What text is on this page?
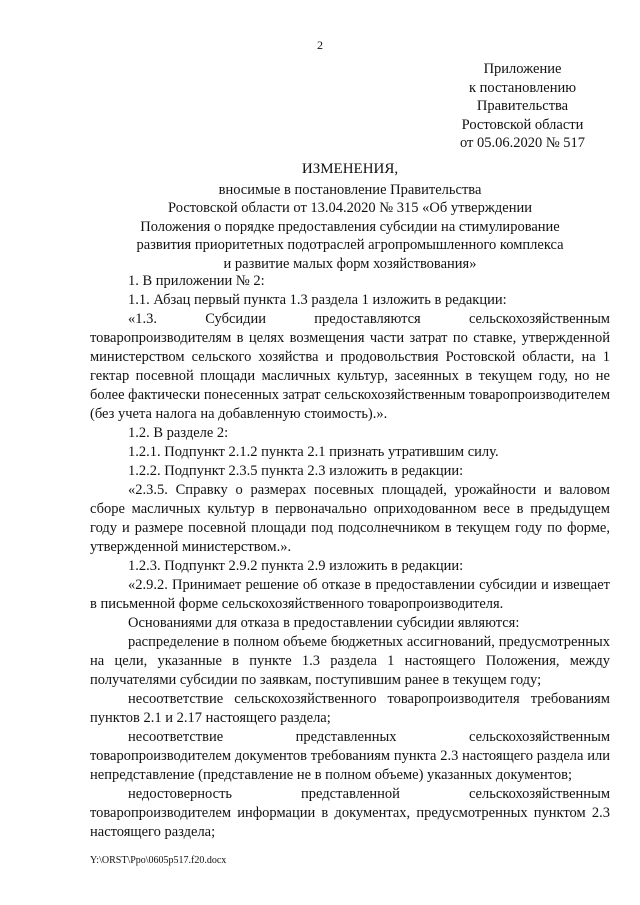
2
Приложение
к постановлению
Правительства
Ростовской области
от 05.06.2020 № 517
ИЗМЕНЕНИЯ,
вносимые в постановление Правительства
Ростовской области от 13.04.2020 № 315 «Об утверждении
Положения о порядке предоставления субсидии на стимулирование
развития приоритетных подотраслей агропромышленного комплекса
и развитие малых форм хозяйствования»

1. В приложении № 2:

1.1. Абзац первый пункта 1.3 раздела 1 изложить в редакции:

«1.3. Субсидии предоставляются сельскохозяйственным товаропроизводителям в целях возмещения части затрат по ставке, утвержденной министерством сельского хозяйства и продовольствия Ростовской области, на 1 гектар посевной площади масличных культур, засеянных в текущем году, но не более фактически понесенных затрат сельскохозяйственным товаропроизводителем (без учета налога на добавленную стоимость).».

1.2. В разделе 2:

1.2.1. Подпункт 2.1.2 пункта 2.1 признать утратившим силу.

1.2.2. Подпункт 2.3.5 пункта 2.3 изложить в редакции:

«2.3.5. Справку о размерах посевных площадей, урожайности и валовом сборе масличных культур в первоначально оприходованном весе в предыдущем году и размере посевной площади под подсолнечником в текущем году по форме, утвержденной министерством.».

1.2.3. Подпункт 2.9.2 пункта 2.9 изложить в редакции:

«2.9.2. Принимает решение об отказе в предоставлении субсидии и извещает в письменной форме сельскохозяйственного товаропроизводителя.

Основаниями для отказа в предоставлении субсидии являются:

распределение в полном объеме бюджетных ассигнований, предусмотренных на цели, указанные в пункте 1.3 раздела 1 настоящего Положения, между получателями субсидии по заявкам, поступившим ранее в текущем году;

несоответствие сельскохозяйственного товаропроизводителя требованиям пунктов 2.1 и 2.17 настоящего раздела;

несоответствие представленных сельскохозяйственным товаропроизводителем документов требованиям пункта 2.3 настоящего раздела или непредставление (представление не в полном объеме) указанных документов;

недостоверность представленной сельскохозяйственным товаропроизводителем информации в документах, предусмотренных пунктом 2.3 настоящего раздела;

Y:\ORST\Ppo\0605p517.f20.docx
